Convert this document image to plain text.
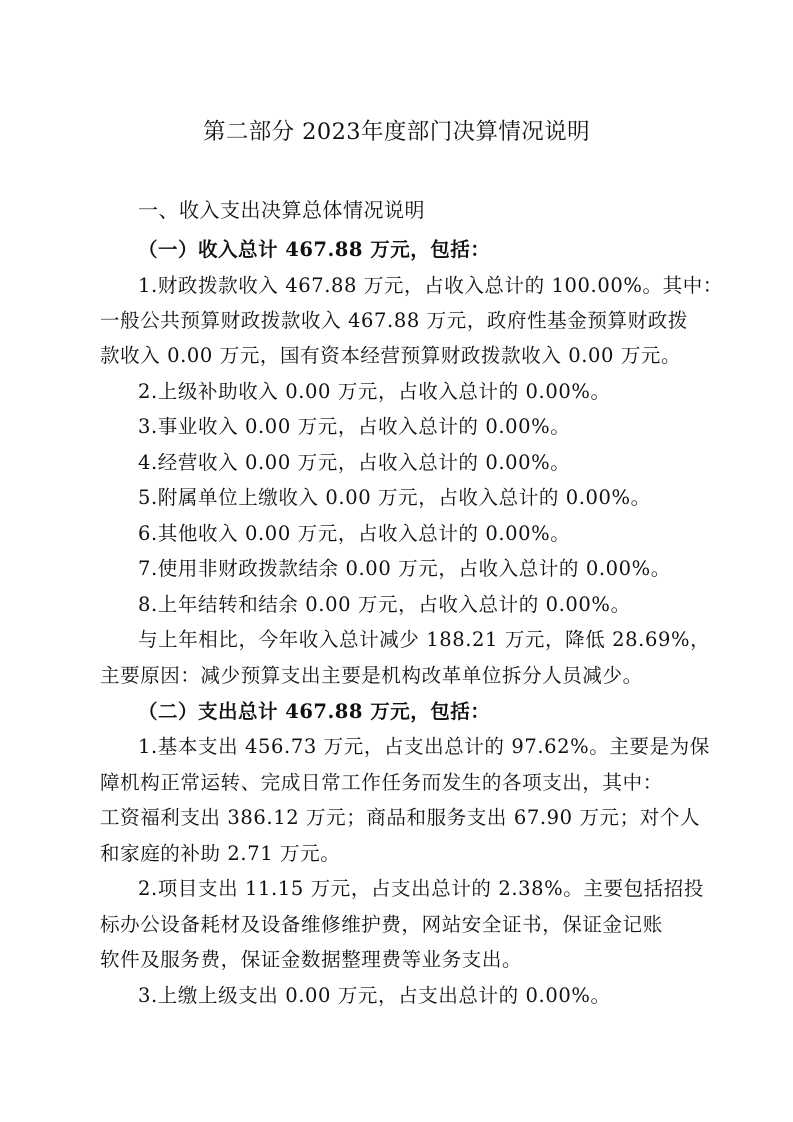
第二部分 2023年度部门决算情况说明
一、收入支出决算总体情况说明
（一）收入总计 467.88 万元，包括：
1.财政拨款收入 467.88 万元，占收入总计的 100.00%。其中：
一般公共预算财政拨款收入 467.88 万元，政府性基金预算财政拨
款收入 0.00 万元，国有资本经营预算财政拨款收入 0.00 万元。
2.上级补助收入 0.00 万元，占收入总计的 0.00%。
3.事业收入 0.00 万元，占收入总计的 0.00%。
4.经营收入 0.00 万元，占收入总计的 0.00%。
5.附属单位上缴收入 0.00 万元，占收入总计的 0.00%。
6.其他收入 0.00 万元，占收入总计的 0.00%。
7.使用非财政拨款结余 0.00 万元，占收入总计的 0.00%。
8.上年结转和结余 0.00 万元，占收入总计的 0.00%。
与上年相比，今年收入总计减少 188.21 万元，降低 28.69%，
主要原因：减少预算支出主要是机构改革单位拆分人员减少。
（二）支出总计 467.88 万元，包括：
1.基本支出 456.73 万元，占支出总计的 97.62%。主要是为保
障机构正常运转、完成日常工作任务而发生的各项支出，其中：
工资福利支出 386.12 万元；商品和服务支出 67.90 万元；对个人
和家庭的补助 2.71 万元。
2.项目支出 11.15 万元，占支出总计的 2.38%。主要包括招投
标办公设备耗材及设备维修维护费，网站安全证书，保证金记账
软件及服务费，保证金数据整理费等业务支出。
3.上缴上级支出 0.00 万元，占支出总计的 0.00%。
